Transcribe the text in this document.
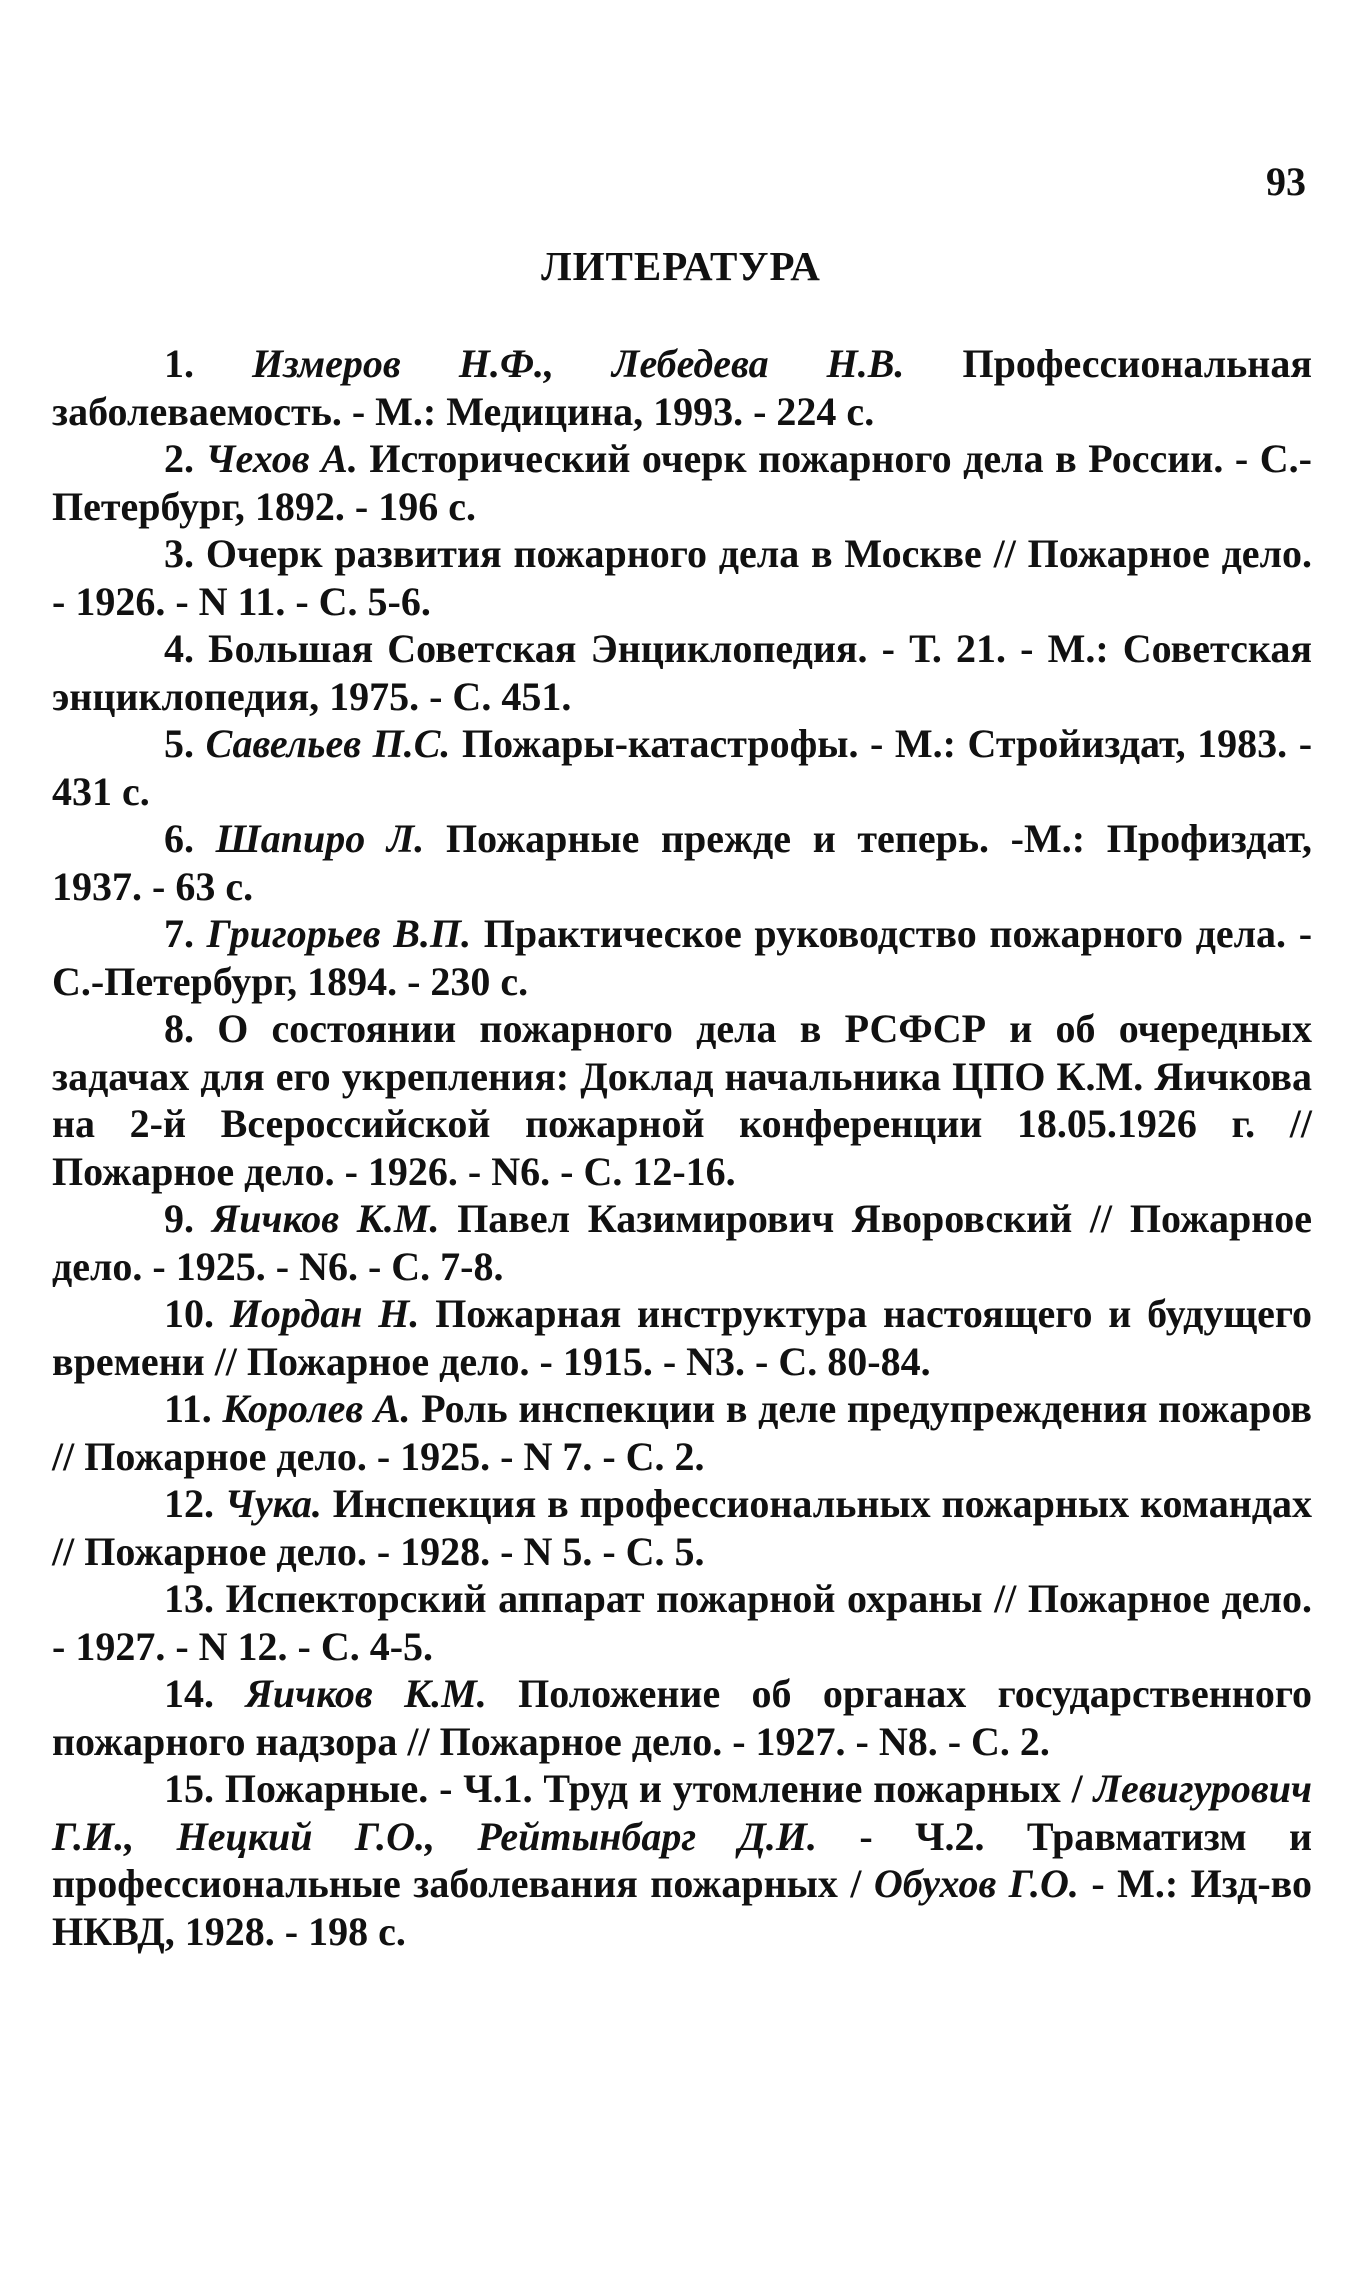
93
ЛИТЕРАТУРА
1. Измеров Н.Ф., Лебедева Н.В. Профессиональная заболеваемость. - М.: Медицина, 1993. - 224 с.
2. Чехов А. Исторический очерк пожарного дела в России. - С.-Петербург, 1892. - 196 с.
3. Очерк развития пожарного дела в Москве // Пожарное дело. - 1926. - N 11. - С. 5-6.
4. Большая Советская Энциклопедия. - Т. 21. - М.: Советская энциклопедия, 1975. - С. 451.
5. Савельев П.С. Пожары-катастрофы. - М.: Стройиздат, 1983. - 431 с.
6. Шапиро Л. Пожарные прежде и теперь. -М.: Профиздат, 1937. - 63 с.
7. Григорьев В.П. Практическое руководство пожарного дела. - С.-Петербург, 1894. - 230 с.
8. О состоянии пожарного дела в РСФСР и об очередных задачах для его укрепления: Доклад начальника ЦПО К.М. Яичкова на 2-й Всероссийской пожарной конференции 18.05.1926 г. // Пожарное дело. - 1926. - N6. - С. 12-16.
9. Яичков К.М. Павел Казимирович Яворовский // Пожарное дело. - 1925. - N6. - С. 7-8.
10. Иордан Н. Пожарная инструктура настоящего и будущего времени // Пожарное дело. - 1915. - N3. - С. 80-84.
11. Королев А. Роль инспекции в деле предупреждения пожаров // Пожарное дело. - 1925. - N 7. - С. 2.
12. Чука. Инспекция в профессиональных пожарных командах // Пожарное дело. - 1928. - N 5. - С. 5.
13. Испекторский аппарат пожарной охраны // Пожарное дело. - 1927. - N 12. - С. 4-5.
14. Яичков К.М. Положение об органах государственного пожарного надзора // Пожарное дело. - 1927. - N8. - С. 2.
15. Пожарные. - Ч.1. Труд и утомление пожарных / Левигурович Г.И., Нецкий Г.О., Рейтынбарг Д.И. - Ч.2. Травматизм и профессиональные заболевания пожарных / Обухов Г.О. - М.: Изд-во НКВД, 1928. - 198 с.
